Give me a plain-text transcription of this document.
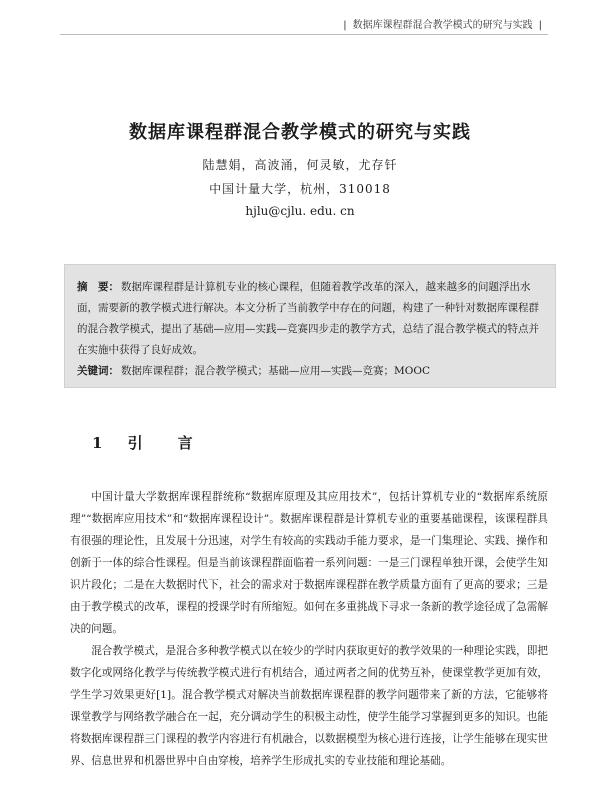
| 数据库课程群混合教学模式的研究与实践 |
数据库课程群混合教学模式的研究与实践
陆慧娟，高波涌，何灵敏，尤存钎
中国计量大学，杭州，310018
hjlu@cjlu. edu. cn

摘　要： 数据库课程群是计算机专业的核心课程，但随着教学改革的深入，越来越多的问题浮出水面，需要新的教学模式进行解决。本文分析了当前教学中存在的问题，构建了一种针对数据库课程群的混合教学模式，提出了基础—应用—实践—竞赛四步走的教学方式，总结了混合教学模式的特点并在实施中获得了良好成效。

关键词： 数据库课程群；混合教学模式；基础—应用—实践—竞赛；MOOC

1 引　言

中国计量大学数据库课程群统称“数据库原理及其应用技术”，包括计算机专业的“数据库系统原理”“数据库应用技术”和“数据库课程设计”。数据库课程群是计算机专业的重要基础课程，该课程群具有很强的理论性，且发展十分迅速，对学生有较高的实践动手能力要求，是一门集理论、实践、操作和创新于一体的综合性课程。但是当前该课程群面临着一系列问题：一是三门课程单独开课，会使学生知识片段化；二是在大数据时代下，社会的需求对于数据库课程群在教学质量方面有了更高的要求；三是由于教学模式的改革，课程的授课学时有所缩短。如何在多重挑战下寻求一条新的教学途径成了急需解决的问题。

混合教学模式，是混合多种教学模式以在较少的学时内获取更好的教学效果的一种理论实践，即把数字化或网络化教学与传统教学模式进行有机结合，通过两者之间的优势互补，使课堂教学更加有效，学生学习效果更好[1]。混合教学模式对解决当前数据库课程群的教学问题带来了新的方法，它能够将课堂教学与网络教学融合在一起，充分调动学生的积极主动性，使学生能学习掌握到更多的知识。也能将数据库课程群三门课程的教学内容进行有机融合，以数据模型为核心进行连接，让学生能够在现实世界、信息世界和机器世界中自由穿梭，培养学生形成扎实的专业技能和理论基础。
